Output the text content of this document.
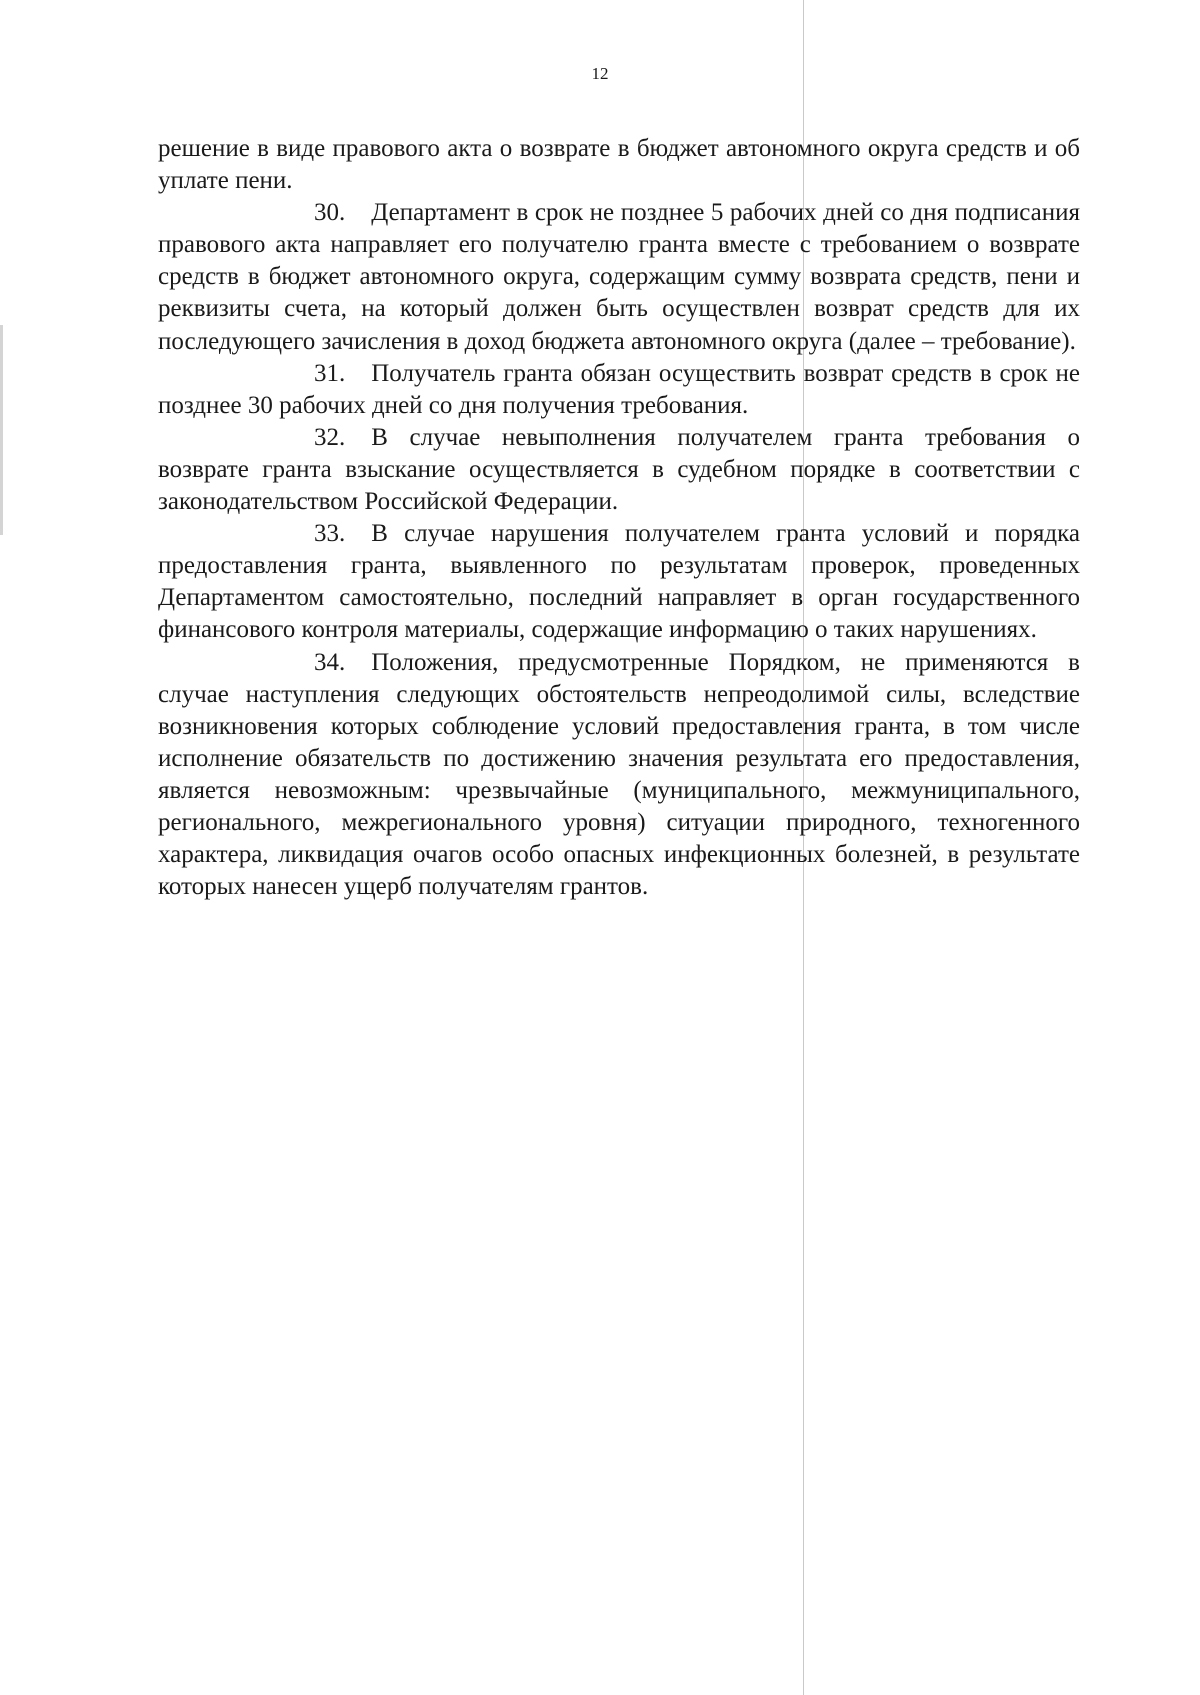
12

решение в виде правового акта о возврате в бюджет автономного округа средств и об уплате пени.

30. Департамент в срок не позднее 5 рабочих дней со дня подписания правового акта направляет его получателю гранта вместе с требованием о возврате средств в бюджет автономного округа, содержащим сумму возврата средств, пени и реквизиты счета, на который должен быть осуществлен возврат средств для их последующего зачисления в доход бюджета автономного округа (далее – требование).

31. Получатель гранта обязан осуществить возврат средств в срок не позднее 30 рабочих дней со дня получения требования.

32. В случае невыполнения получателем гранта требования о возврате гранта взыскание осуществляется в судебном порядке в соответствии с законодательством Российской Федерации.

33. В случае нарушения получателем гранта условий и порядка предоставления гранта, выявленного по результатам проверок, проведенных Департаментом самостоятельно, последний направляет в орган государственного финансового контроля материалы, содержащие информацию о таких нарушениях.

34. Положения, предусмотренные Порядком, не применяются в случае наступления следующих обстоятельств непреодолимой силы, вследствие возникновения которых соблюдение условий предоставления гранта, в том числе исполнение обязательств по достижению значения результата его предоставления, является невозможным: чрезвычайные (муниципального, межмуниципального, регионального, межрегионального уровня) ситуации природного, техногенного характера, ликвидация очагов особо опасных инфекционных болезней, в результате которых нанесен ущерб получателям грантов.
